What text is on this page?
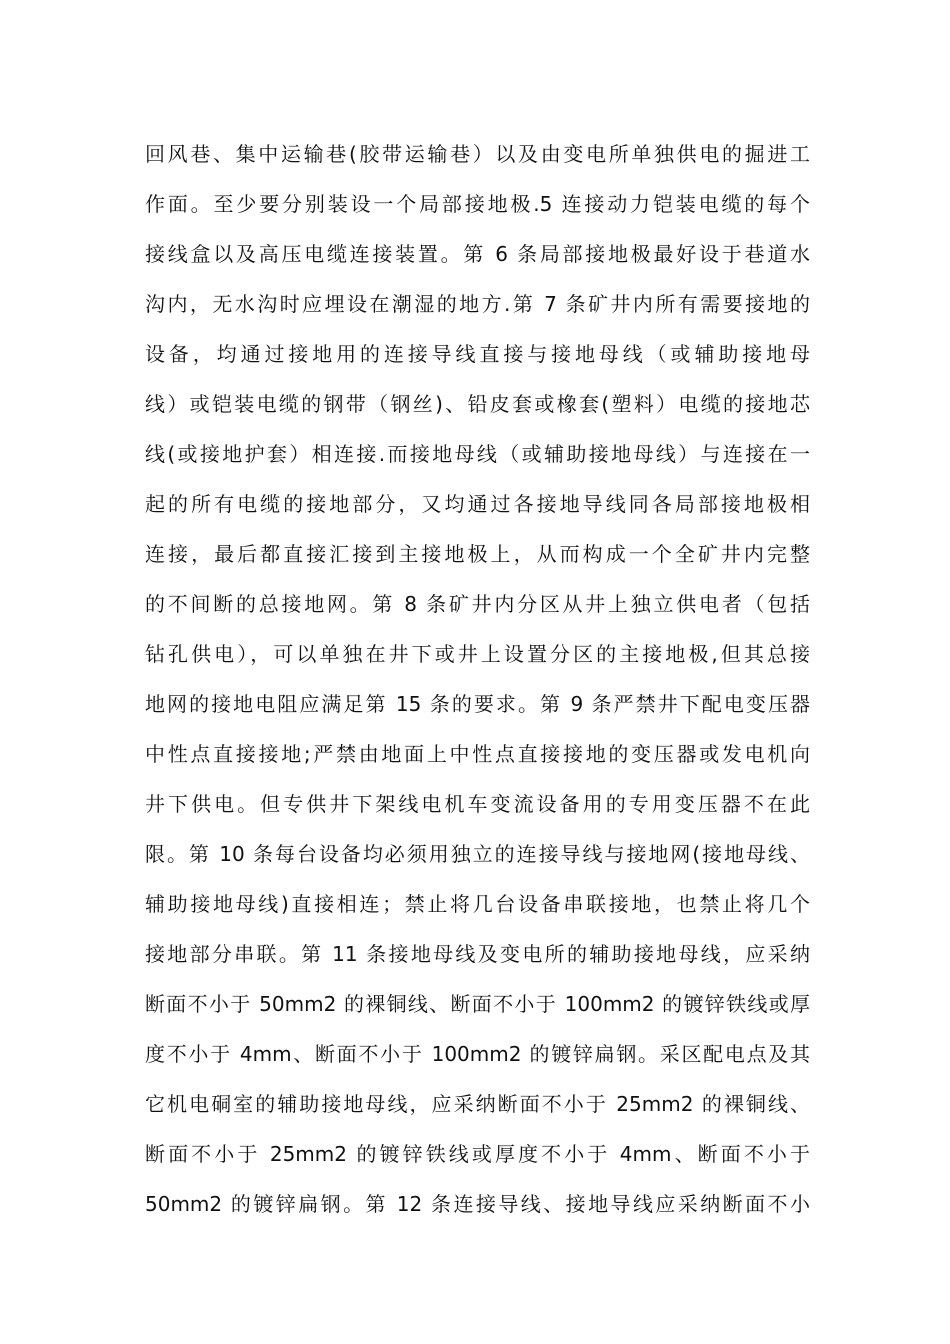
回风巷、集中运输巷(胶带运输巷）以及由变电所单独供电的掘进工
作面。至少要分别装设一个局部接地极.5 连接动力铠装电缆的每个
接线盒以及高压电缆连接装置。第 6 条局部接地极最好设于巷道水
沟内，无水沟时应埋设在潮湿的地方.第 7 条矿井内所有需要接地的
设备，均通过接地用的连接导线直接与接地母线（或辅助接地母
线）或铠装电缆的钢带（钢丝)、铅皮套或橡套(塑料）电缆的接地芯
线(或接地护套）相连接.而接地母线（或辅助接地母线）与连接在一
起的所有电缆的接地部分，又均通过各接地导线同各局部接地极相
连接，最后都直接汇接到主接地极上，从而构成一个全矿井内完整
的不间断的总接地网。第 8 条矿井内分区从井上独立供电者（包括
钻孔供电），可以单独在井下或井上设置分区的主接地极,但其总接
地网的接地电阻应满足第 15 条的要求。第 9 条严禁井下配电变压器
中性点直接接地;严禁由地面上中性点直接接地的变压器或发电机向
井下供电。但专供井下架线电机车变流设备用的专用变压器不在此
限。第 10 条每台设备均必须用独立的连接导线与接地网(接地母线、
辅助接地母线)直接相连；禁止将几台设备串联接地，也禁止将几个
接地部分串联。第 11 条接地母线及变电所的辅助接地母线，应采纳
断面不小于 50mm2 的裸铜线、断面不小于 100mm2 的镀锌铁线或厚
度不小于 4mm、断面不小于 100mm2 的镀锌扁钢。采区配电点及其
它机电硐室的辅助接地母线，应采纳断面不小于 25mm2 的裸铜线、
断面不小于 25mm2 的镀锌铁线或厚度不小于 4mm、断面不小于
50mm2 的镀锌扁钢。第 12 条连接导线、接地导线应采纳断面不小
